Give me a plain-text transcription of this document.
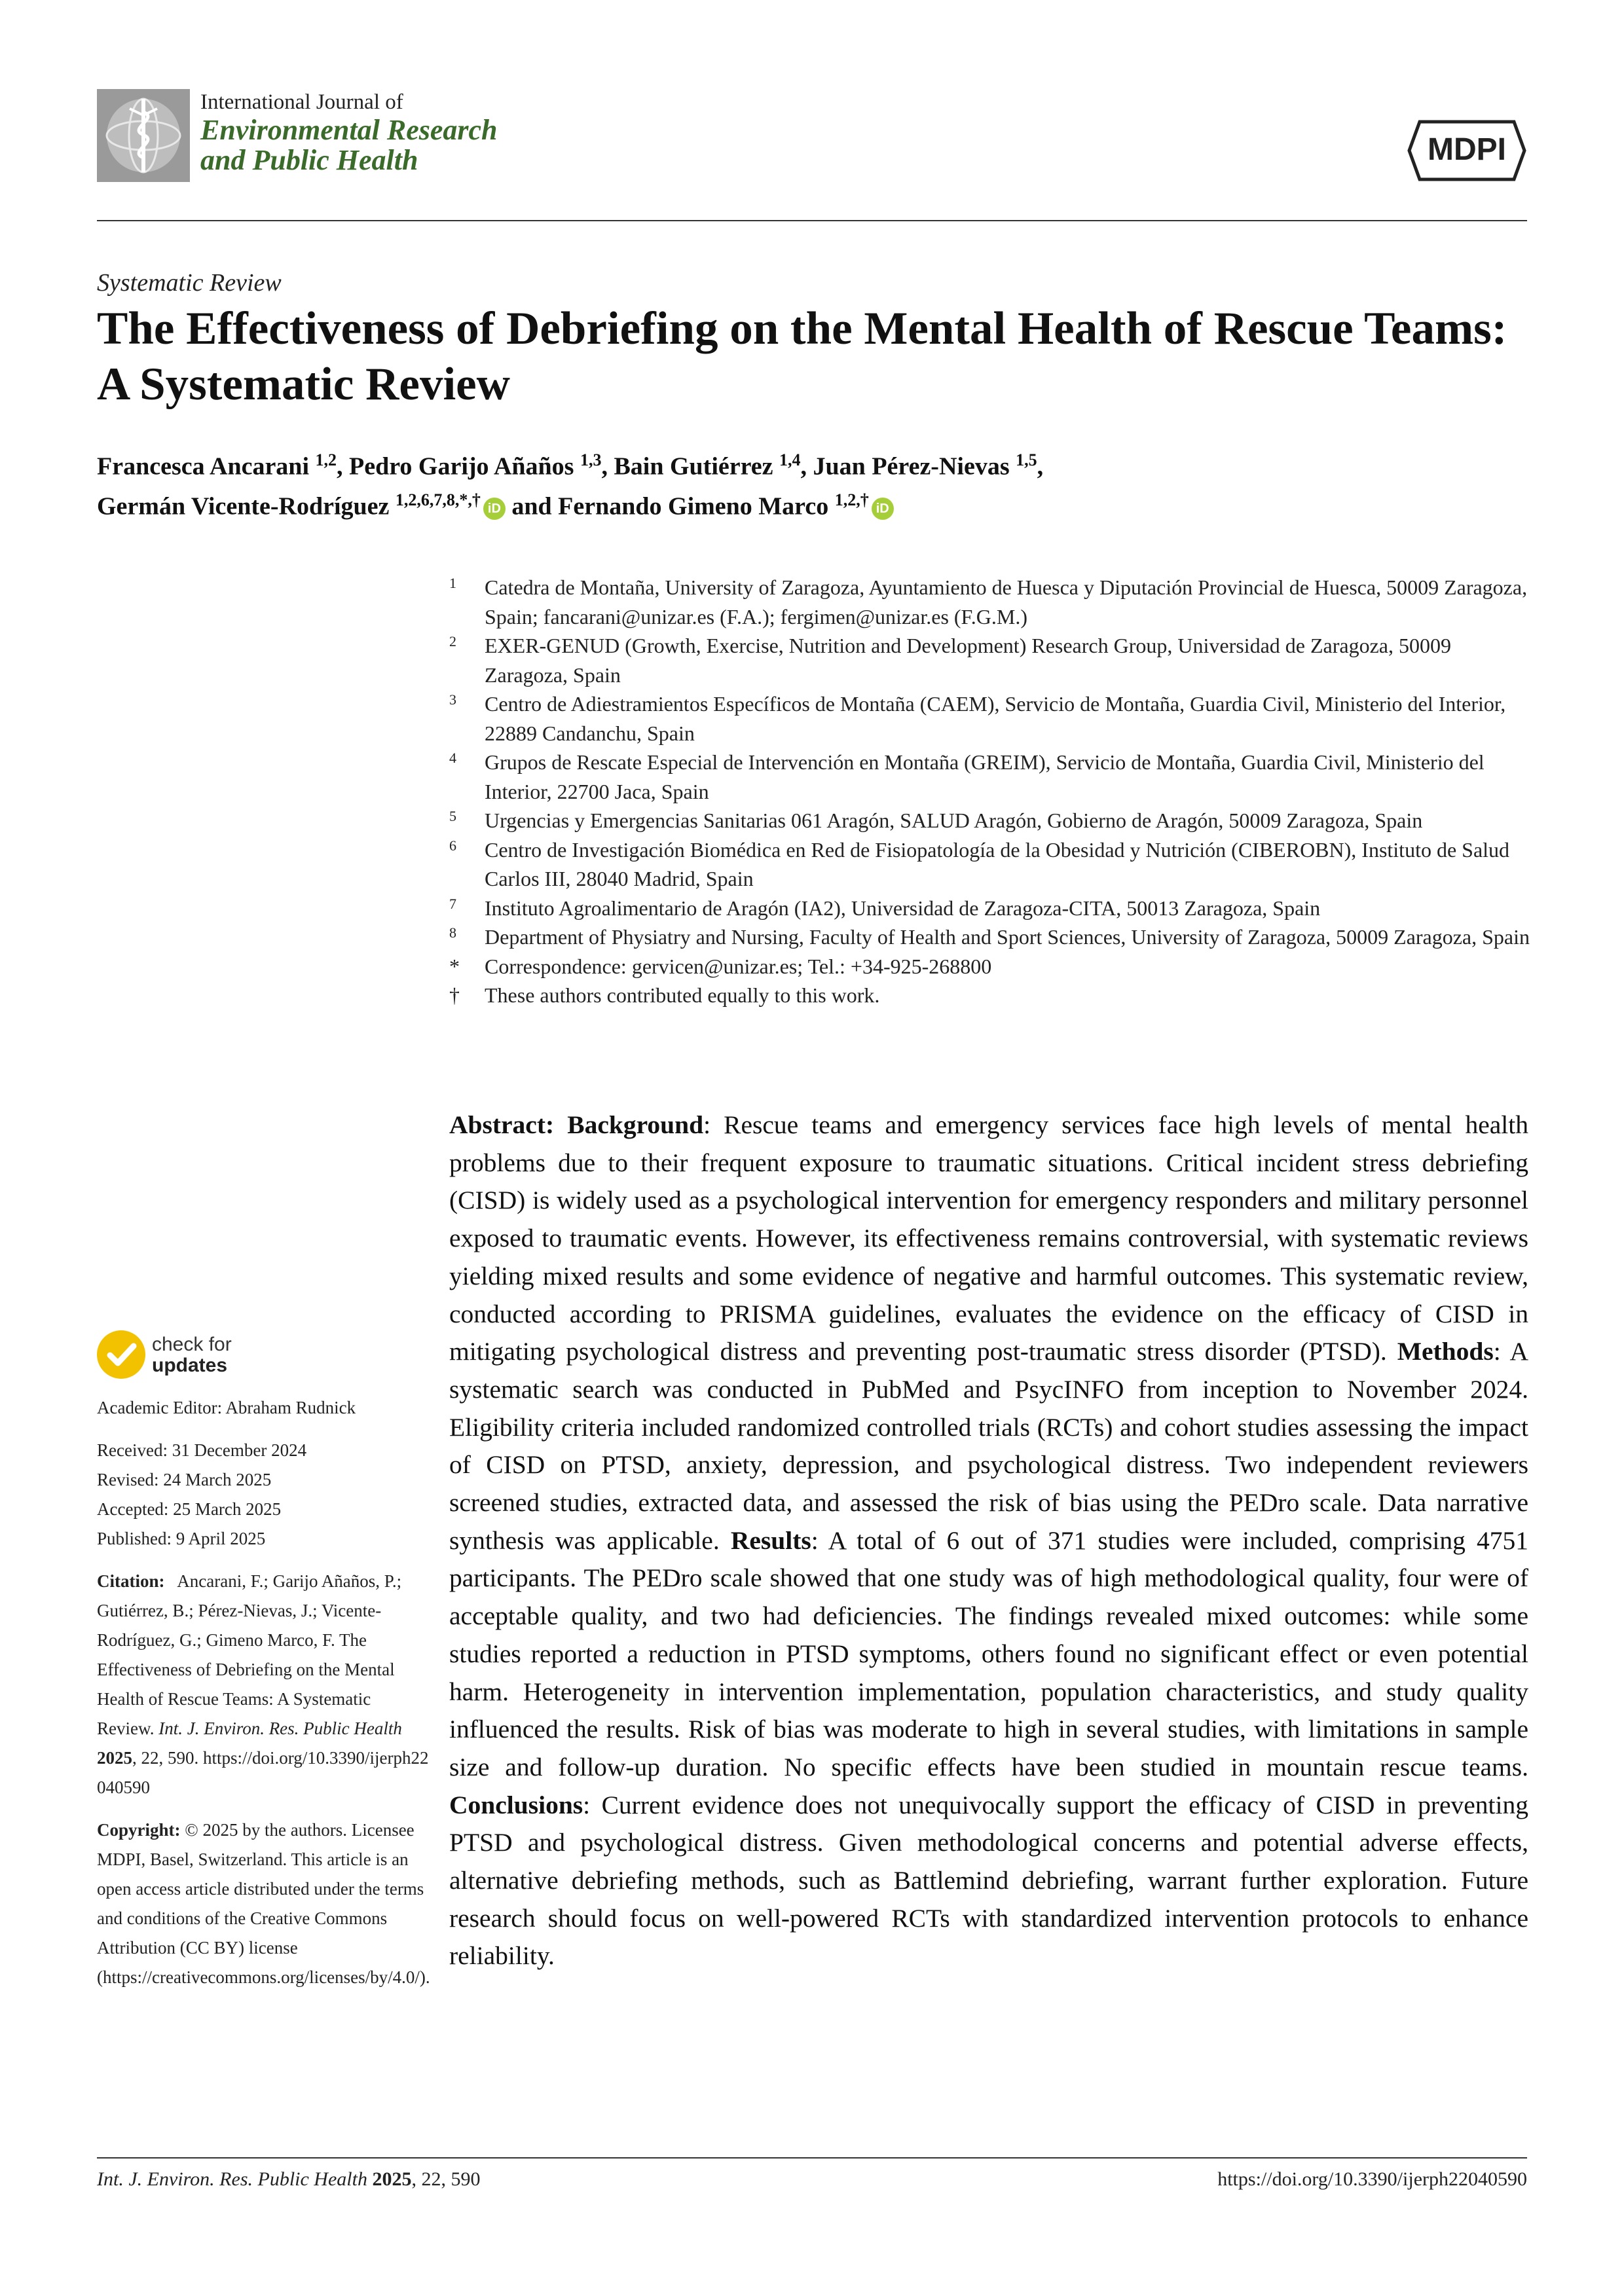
International Journal of
Environmental Research
and Public Health	MDPI
Systematic Review
The Effectiveness of Debriefing on the Mental Health of Rescue Teams: A Systematic Review
Francesca Ancarani $^{1,2}$, Pedro Garijo Añaños $^{1,3}$, Bain Gutiérrez $^{1,4}$, Juan Pérez-Nievas $^{1,5}$,
Germán Vicente-Rodríguez $^{1,2,6,7,8,*,\dagger}$ iD and Fernando Gimeno Marco $^{1,2,\dagger}$ iD
1 Catedra de Montaña, University of Zaragoza, Ayuntamiento de Huesca y Diputación Provincial de Huesca, 50009 Zaragoza, Spain; fancarani@unizar.es (F.A.); fergimen@unizar.es (F.G.M.)
2 EXER-GENUD (Growth, Exercise, Nutrition and Development) Research Group, Universidad de Zaragoza, 50009 Zaragoza, Spain
3 Centro de Adiestramientos Específicos de Montaña (CAEM), Servicio de Montaña, Guardia Civil, Ministerio del Interior, 22889 Candanchu, Spain
4 Grupos de Rescate Especial de Intervención en Montaña (GREIM), Servicio de Montaña, Guardia Civil, Ministerio del Interior, 22700 Jaca, Spain
5 Urgencias y Emergencias Sanitarias 061 Aragón, SALUD Aragón, Gobierno de Aragón, 50009 Zaragoza, Spain
6 Centro de Investigación Biomédica en Red de Fisiopatología de la Obesidad y Nutrición (CIBEROBN), Instituto de Salud Carlos III, 28040 Madrid, Spain
7 Instituto Agroalimentario de Aragón (IA2), Universidad de Zaragoza-CITA, 50013 Zaragoza, Spain
8 Department of Physiatry and Nursing, Faculty of Health and Sport Sciences, University of Zaragoza, 50009 Zaragoza, Spain
* Correspondence: gervicen@unizar.es; Tel.: +34-925-268800
† These authors contributed equally to this work.
check for
updates
Academic Editor: Abraham Rudnick
Received: 31 December 2024
Revised: 24 March 2025
Accepted: 25 March 2025
Published: 9 April 2025
Citation: Ancarani, F.; Garijo Añaños, P.; Gutiérrez, B.; Pérez-Nievas, J.; Vicente-Rodríguez, G.; Gimeno Marco, F. The Effectiveness of Debriefing on the Mental Health of Rescue Teams: A Systematic Review. Int. J. Environ. Res. Public Health 2025, 22, 590. https://doi.org/10.3390/ijerph22040590
Copyright: © 2025 by the authors. Licensee MDPI, Basel, Switzerland. This article is an open access article distributed under the terms and conditions of the Creative Commons Attribution (CC BY) license (https://creativecommons.org/licenses/by/4.0/).
Abstract: Background: Rescue teams and emergency services face high levels of mental health problems due to their frequent exposure to traumatic situations. Critical incident stress debriefing (CISD) is widely used as a psychological intervention for emergency responders and military personnel exposed to traumatic events. However, its effectiveness remains controversial, with systematic reviews yielding mixed results and some evidence of negative and harmful outcomes. This systematic review, conducted according to PRISMA guidelines, evaluates the evidence on the efficacy of CISD in mitigating psychological distress and preventing post-traumatic stress disorder (PTSD). Methods: A systematic search was conducted in PubMed and PsycINFO from inception to November 2024. Eligibility criteria included randomized controlled trials (RCTs) and cohort studies assessing the impact of CISD on PTSD, anxiety, depression, and psychological distress. Two independent reviewers screened studies, extracted data, and assessed the risk of bias using the PEDro scale. Data narrative synthesis was applicable. Results: A total of 6 out of 371 studies were included, comprising 4751 participants. The PEDro scale showed that one study was of high methodological quality, four were of acceptable quality, and two had deficiencies. The findings revealed mixed outcomes: while some studies reported a reduction in PTSD symptoms, others found no significant effect or even potential harm. Heterogeneity in intervention implementation, population characteristics, and study quality influenced the results. Risk of bias was moderate to high in several studies, with limitations in sample size and follow-up duration. No specific effects have been studied in mountain rescue teams. Conclusions: Current evidence does not unequivocally support the efficacy of CISD in preventing PTSD and psychological distress. Given methodological concerns and potential adverse effects, alternative debriefing methods, such as Battlemind debriefing, warrant further exploration. Future research should focus on well-powered RCTs with standardized intervention protocols to enhance reliability.
Int. J. Environ. Res. Public Health 2025, 22, 590	https://doi.org/10.3390/ijerph22040590
